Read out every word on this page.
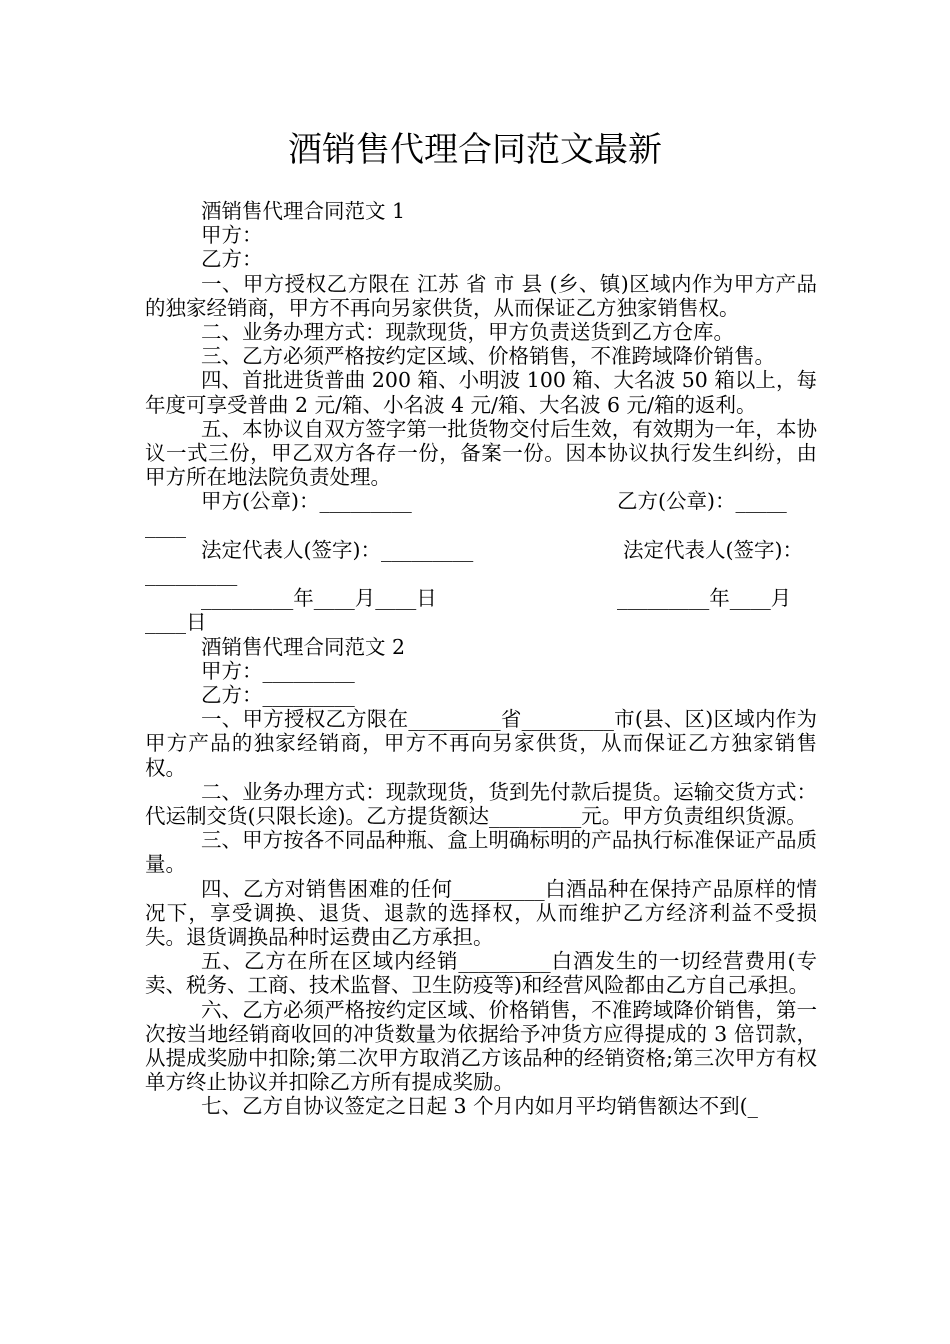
酒销售代理合同范文最新

酒销售代理合同范文 1

甲方：

乙方：

一、甲方授权乙方限在 江苏 省 市 县 (乡、镇)区域内作为甲方产品的独家经销商，甲方不再向另家供货，从而保证乙方独家销售权。

二、业务办理方式：现款现货，甲方负责送货到乙方仓库。

三、乙方必须严格按约定区域、价格销售，不准跨域降价销售。

四、首批进货普曲 200 箱、小明波 100 箱、大名波 50 箱以上，每年度可享受普曲 2 元/箱、小名波 4 元/箱、大名波 6 元/箱的返利。

五、本协议自双方签字第一批货物交付后生效，有效期为一年，本协议一式三份，甲乙双方各存一份，备案一份。因本协议执行发生纠纷，由甲方所在地法院负责处理。

甲方(公章)：_________	乙方(公章)：_____
____
法定代表人(签字)：_________	法定代表人(签字)：
_________
_________年____月____日	_________年____月
____日

酒销售代理合同范文 2

甲方：_________

乙方：_________

一、甲方授权乙方限在_________省_________市(县、区)区域内作为甲方产品的独家经销商，甲方不再向另家供货，从而保证乙方独家销售权。

二、业务办理方式：现款现货，货到先付款后提货。运输交货方式：代运制交货(只限长途)。乙方提货额达_________元。甲方负责组织货源。

三、甲方按各不同品种瓶、盒上明确标明的产品执行标准保证产品质量。

四、乙方对销售困难的任何_________白酒品种在保持产品原样的情况下，享受调换、退货、退款的选择权，从而维护乙方经济利益不受损失。退货调换品种时运费由乙方承担。

五、乙方在所在区域内经销_________白酒发生的一切经营费用(专卖、税务、工商、技术监督、卫生防疫等)和经营风险都由乙方自己承担。

六、乙方必须严格按约定区域、价格销售，不准跨域降价销售，第一次按当地经销商收回的冲货数量为依据给予冲货方应得提成的 3 倍罚款，从提成奖励中扣除;第二次甲方取消乙方该品种的经销资格;第三次甲方有权单方终止协议并扣除乙方所有提成奖励。

七、乙方自协议签定之日起 3 个月内如月平均销售额达不到(_
